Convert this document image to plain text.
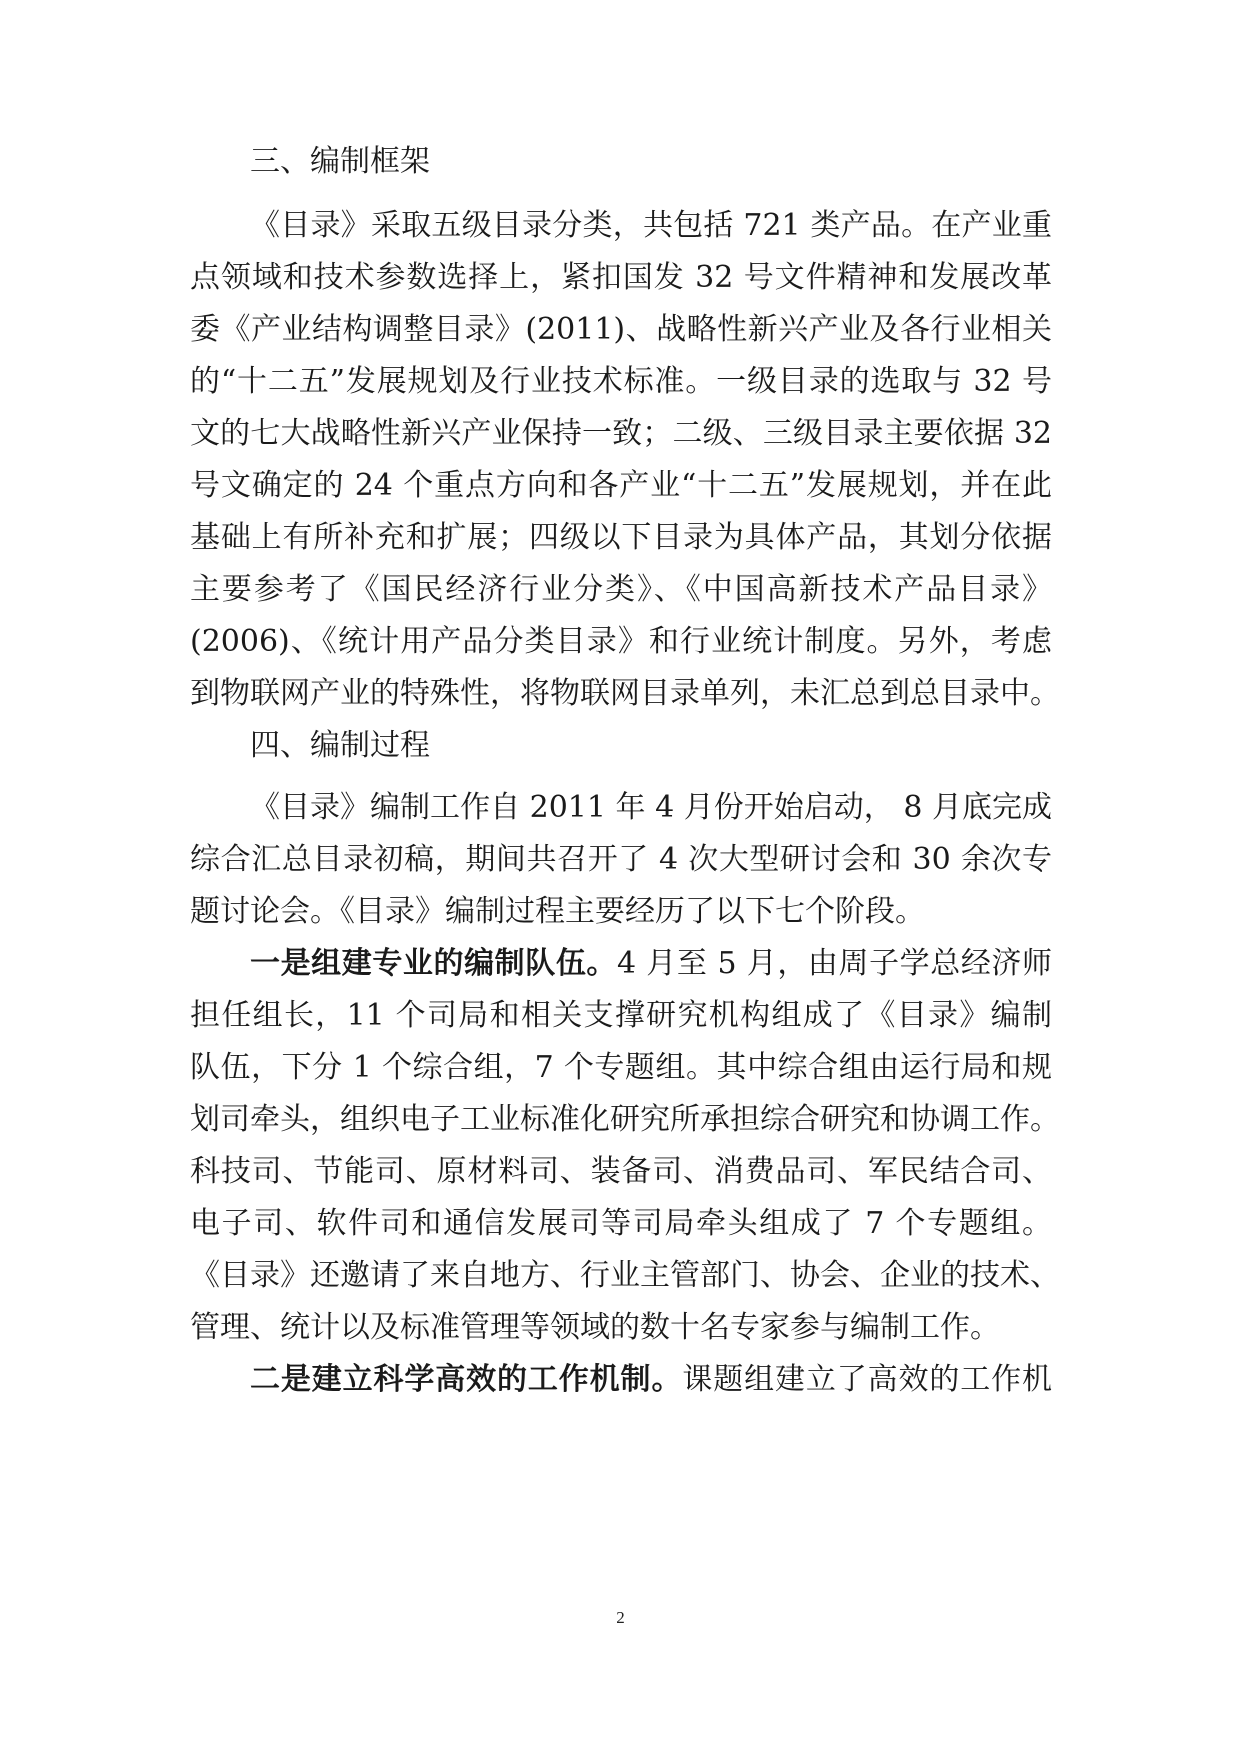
三、编制框架
《目录》采取五级目录分类，共包括 721 类产品。在产业重
点领域和技术参数选择上，紧扣国发 32 号文件精神和发展改革
委《产业结构调整目录》(2011)、战略性新兴产业及各行业相关
的“十二五”发展规划及行业技术标准。一级目录的选取与 32 号
文的七大战略性新兴产业保持一致；二级、三级目录主要依据 32
号文确定的 24 个重点方向和各产业“十二五”发展规划，并在此
基础上有所补充和扩展；四级以下目录为具体产品，其划分依据
主要参考了《国民经济行业分类》、《中国高新技术产品目录》
(2006)、《统计用产品分类目录》和行业统计制度。另外，考虑
到物联网产业的特殊性，将物联网目录单列，未汇总到总目录中。
四、编制过程
《目录》编制工作自 2011 年 4 月份开始启动， 8 月底完成
综合汇总目录初稿，期间共召开了 4 次大型研讨会和 30 余次专
题讨论会。《目录》编制过程主要经历了以下七个阶段。
一是组建专业的编制队伍。4 月至 5 月，由周子学总经济师
担任组长，11 个司局和相关支撑研究机构组成了《目录》编制
队伍，下分 1 个综合组，7 个专题组。其中综合组由运行局和规
划司牵头，组织电子工业标准化研究所承担综合研究和协调工作。
科技司、节能司、原材料司、装备司、消费品司、军民结合司、
电子司、软件司和通信发展司等司局牵头组成了 7 个专题组。
《目录》还邀请了来自地方、行业主管部门、协会、企业的技术、
管理、统计以及标准管理等领域的数十名专家参与编制工作。
二是建立科学高效的工作机制。课题组建立了高效的工作机
2
